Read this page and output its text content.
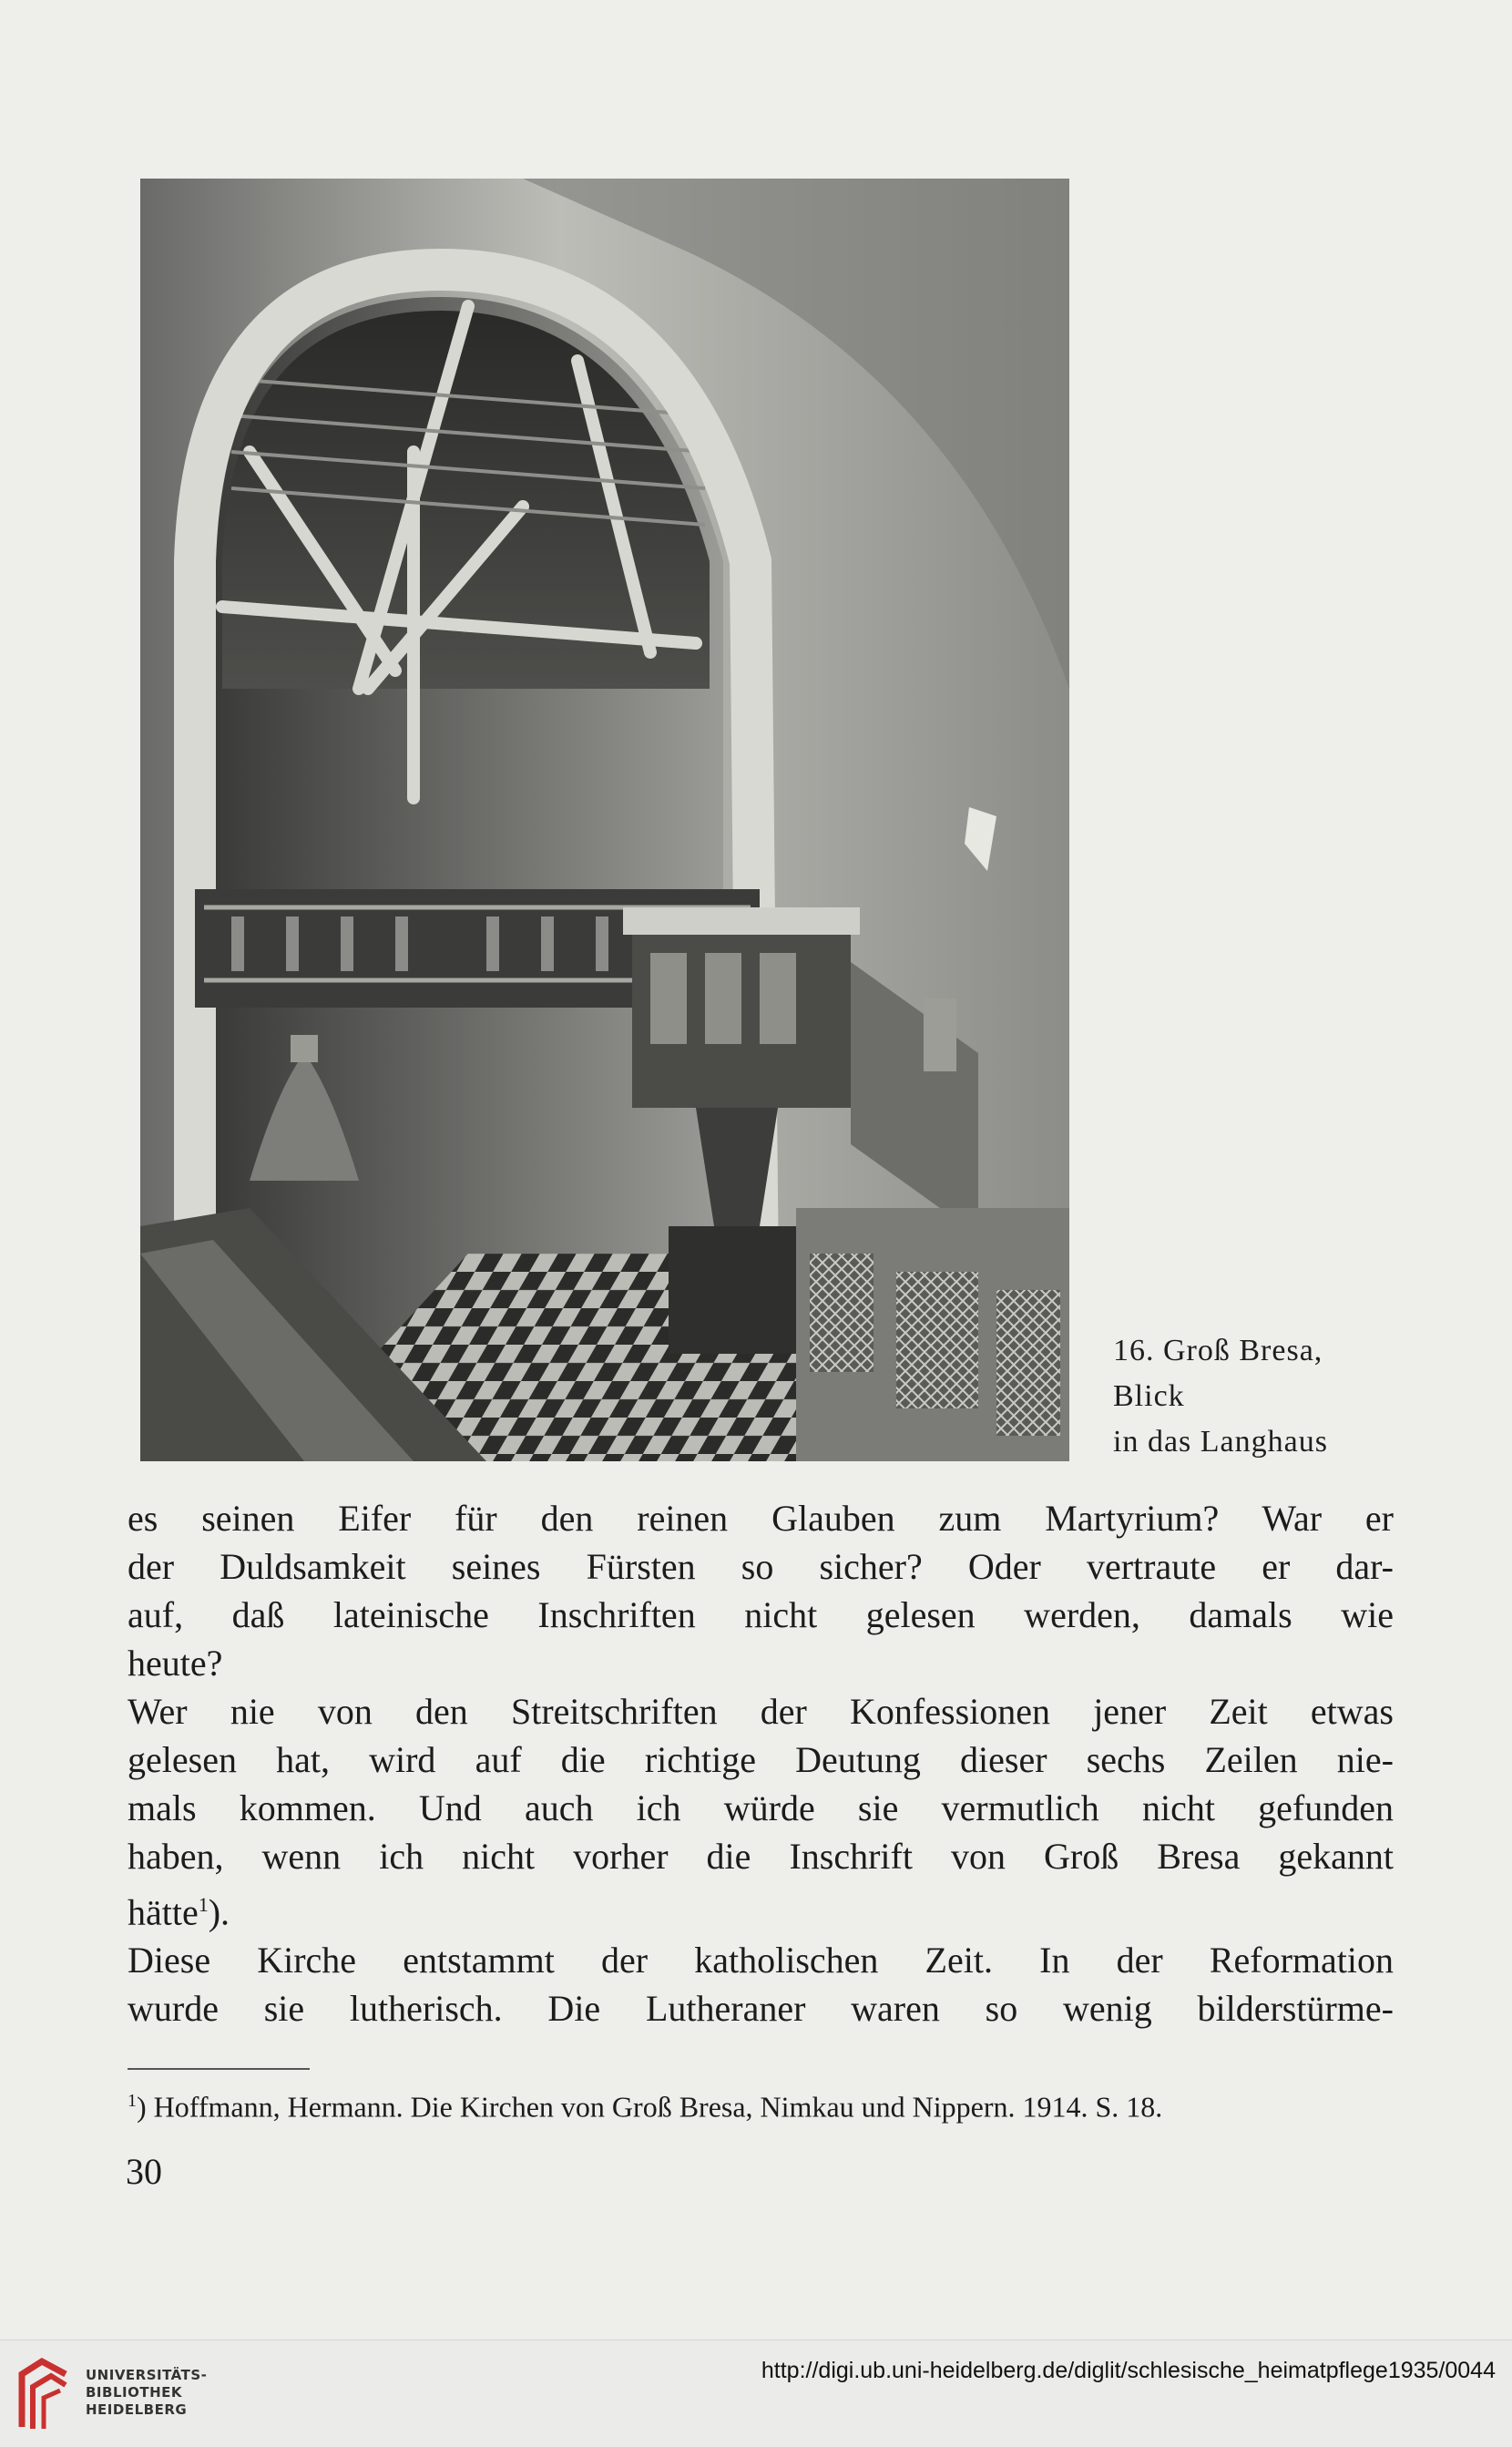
16. Groß Bresa,
Blick
in das Langhaus
es seinen Eifer für den reinen Glauben zum Martyrium? War er
der Duldsamkeit seines Fürsten so sicher? Oder vertraute er dar-
auf, daß lateinische Inschriften nicht gelesen werden, damals wie
heute?
Wer nie von den Streitschriften der Konfessionen jener Zeit etwas
gelesen hat, wird auf die richtige Deutung dieser sechs Zeilen nie-
mals kommen. Und auch ich würde sie vermutlich nicht gefunden
haben, wenn ich nicht vorher die Inschrift von Groß Bresa gekannt
hätte$^1$).
Diese Kirche entstammt der katholischen Zeit. In der Reformation
wurde sie lutherisch. Die Lutheraner waren so wenig bilderstürme-
$^1$) Hoffmann, Hermann. Die Kirchen von Groß Bresa, Nimkau und Nippern. 1914. S. 18.
30
UNIVERSITÄTS-
BIBLIOTHEK
HEIDELBERG
http://digi.ub.uni-heidelberg.de/diglit/schlesische_heimatpflege1935/0044
